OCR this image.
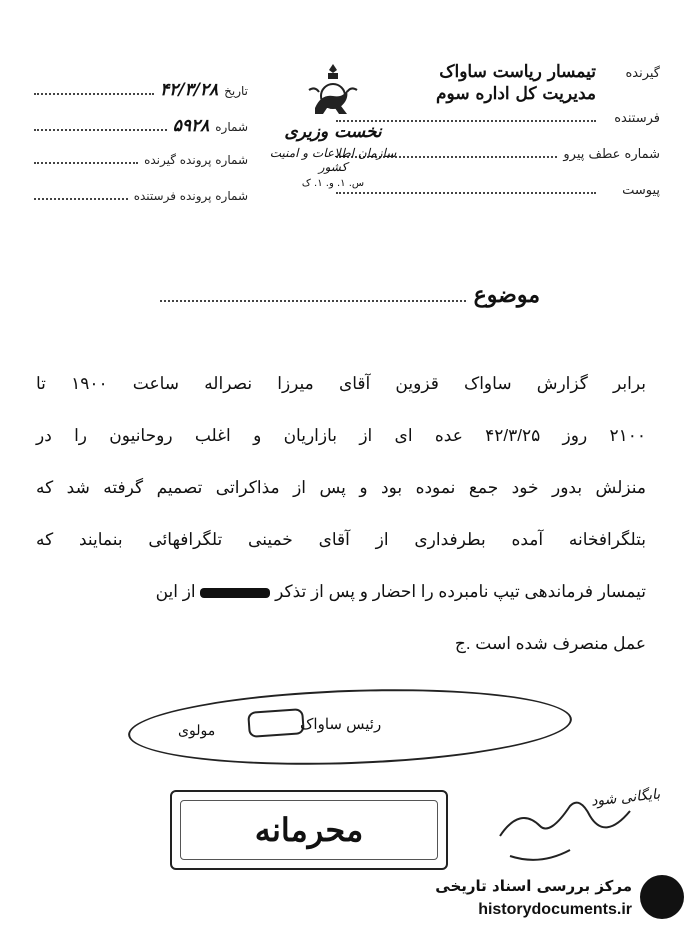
گیرنده
تیمسار ریاست ساواک
مدیریت کل اداره سوم
فرستنده
شماره عطف پیرو
پیوست
نخست وزیری
سازمان اطلاعات و امنیت کشور
س. ۱. و. ۱. ک
تاریخ
۴۲/۳/۲۸
شماره
۵۹۲۸
شماره پرونده گیرنده
شماره پرونده فرستنده
موضوع
برابر گزارش ساواک قزوین آقای میرزا نصراله ساعت ۱۹۰۰ تا
۲۱۰۰ روز ۴۲/۳/۲۵ عده ای از بازاریان و اغلب روحانیون را در
منزلش بدور خود جمع نموده بود و پس از مذاکراتی تصمیم گرفته شد که
بتلگرافخانه آمده بطرفداری از آقای خمینی تلگرافهائی بنمایند که
تیمسار فرماندهی تیپ نامبرده را احضار و پس از تذکر  از این
عمل منصرف شده است .ج
رئیس ساواک
مولوی
محرمانه
بایگانی شود
مرکز بررسی اسناد تاریخی
historydocuments.ir
